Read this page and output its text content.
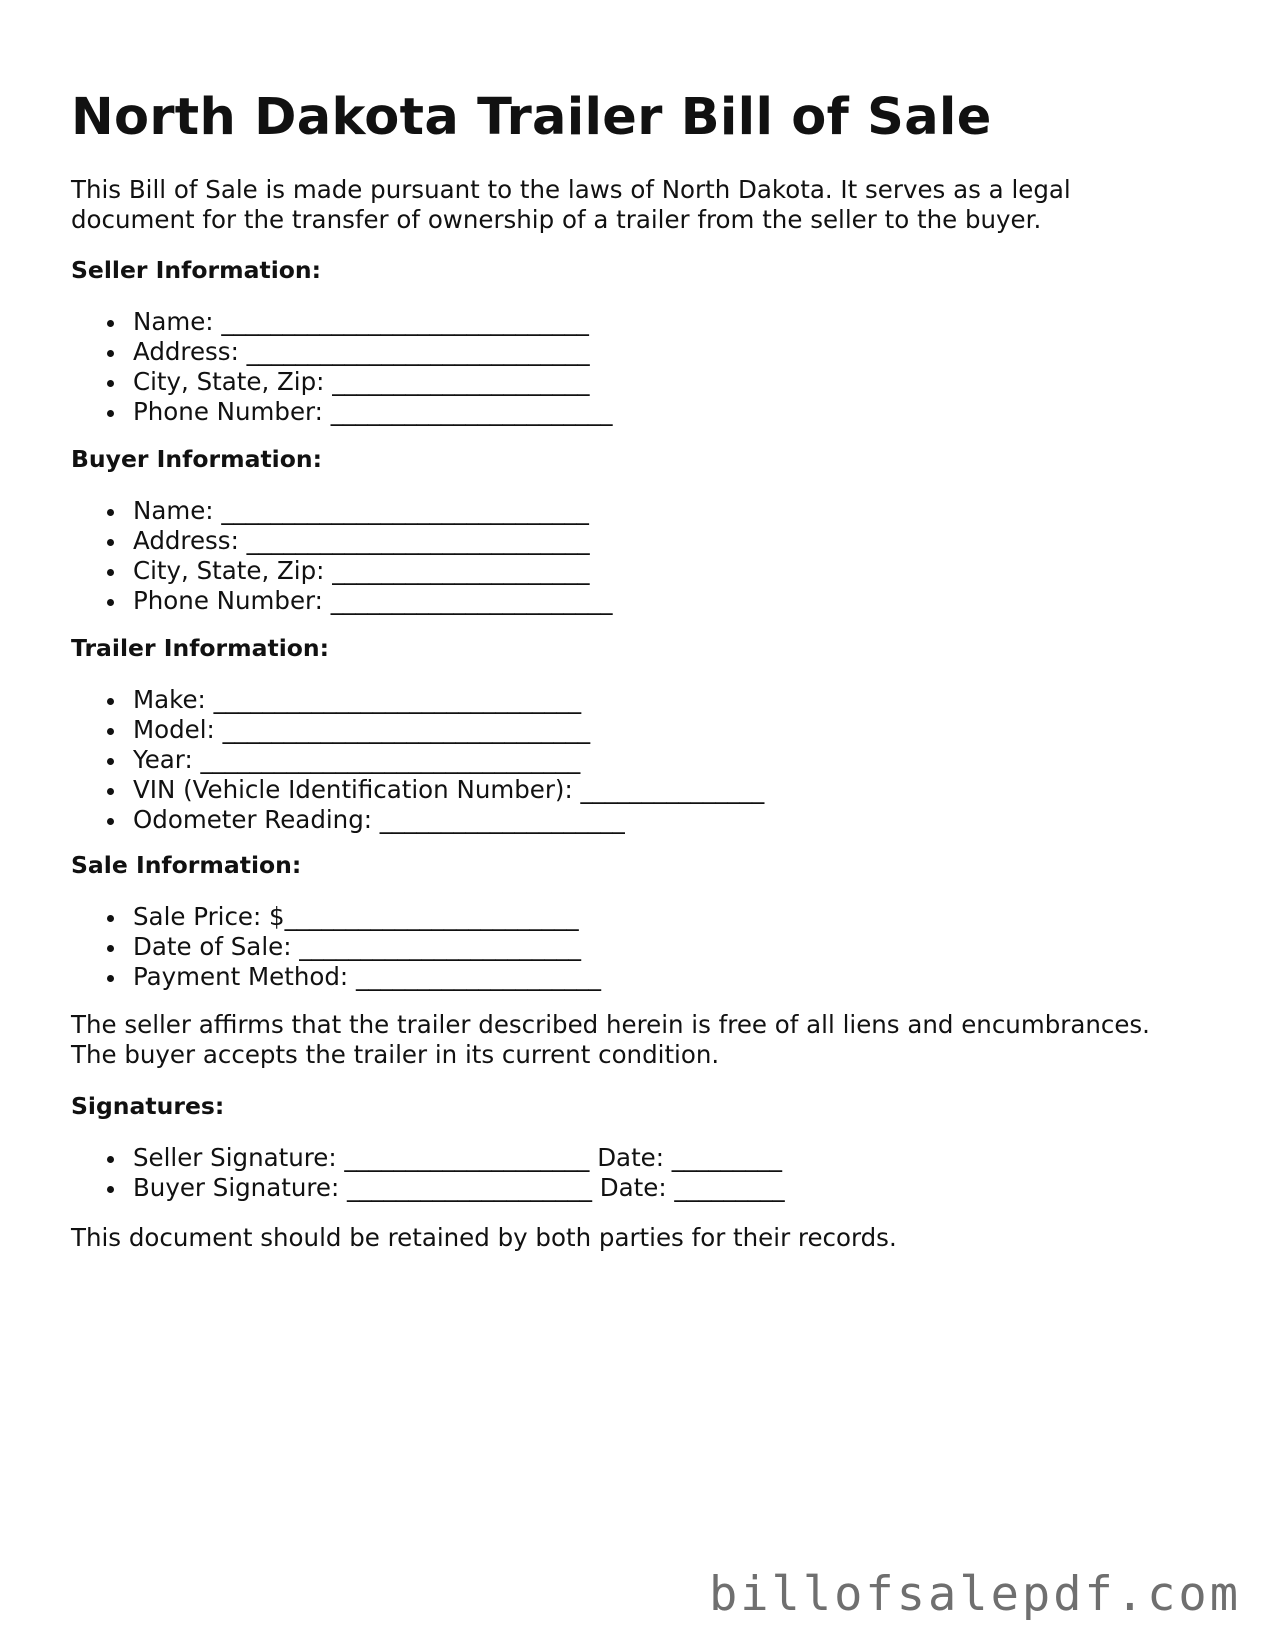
North Dakota Trailer Bill of Sale

This Bill of Sale is made pursuant to the laws of North Dakota. It serves as a legal
document for the transfer of ownership of a trailer from the seller to the buyer.

Seller Information:
Name: ______________________________
Address: ____________________________
City, State, Zip: _____________________
Phone Number: _______________________
Buyer Information:
Name: ______________________________
Address: ____________________________
City, State, Zip: _____________________
Phone Number: _______________________
Trailer Information:
Make: ______________________________
Model: ______________________________
Year: _______________________________
VIN (Vehicle Identification Number): _______________
Odometer Reading: ____________________
Sale Information:
Sale Price: $________________________
Date of Sale: _______________________
Payment Method: ____________________

The seller affirms that the trailer described herein is free of all liens and encumbrances.
The buyer accepts the trailer in its current condition.

Signatures:
Seller Signature: ____________________ Date: _________
Buyer Signature: ____________________ Date: _________

This document should be retained by both parties for their records.

billofsalepdf.com
